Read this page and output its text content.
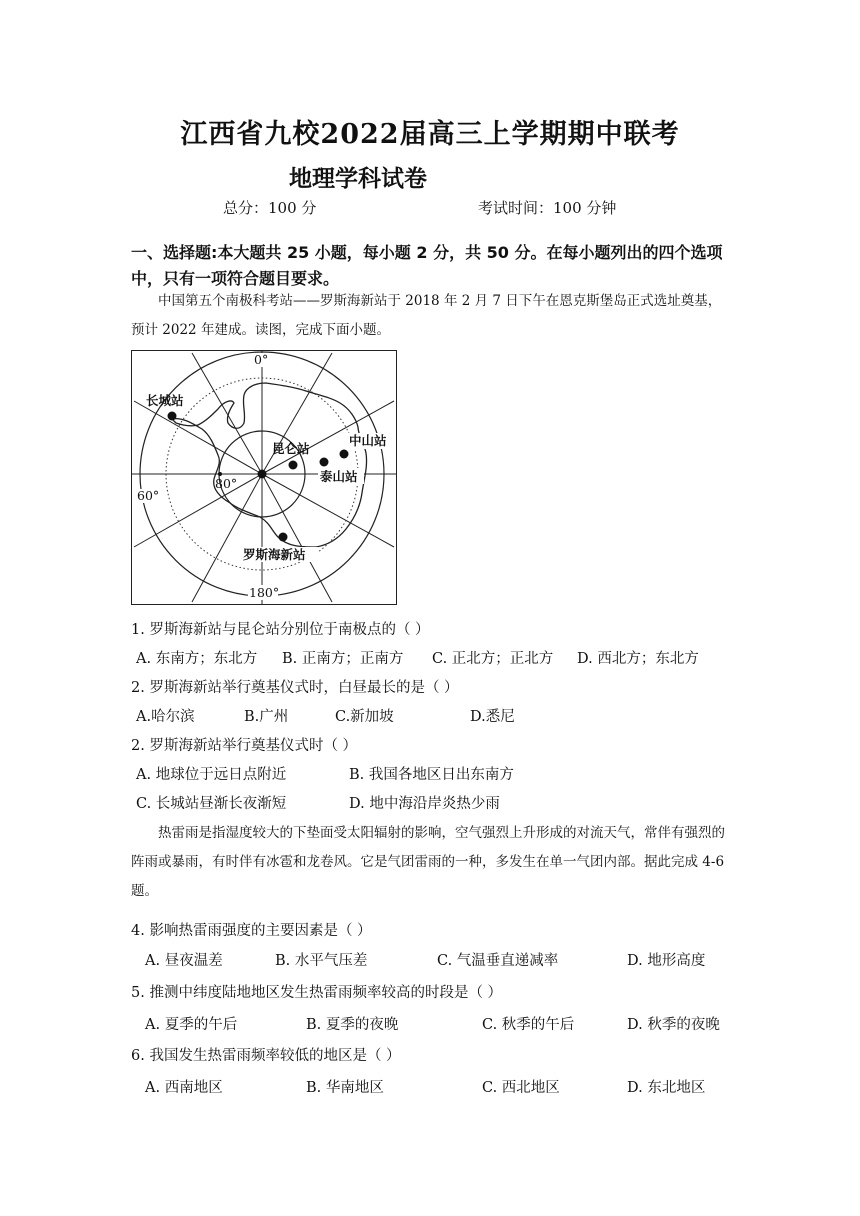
江西省九校2022届高三上学期期中联考
地理学科试卷
总分：100 分	考试时间：100 分钟
一、选择题:本大题共 25 小题，每小题 2 分，共 50 分。在每小题列出的四个选项中，只有一项符合题目要求。
中国第五个南极科考站——罗斯海新站于 2018 年 2 月 7 日下午在恩克斯堡岛正式选址奠基，预计 2022 年建成。读图，完成下面小题。
0°
180°
60°
80°
长城站
昆仑站
中山站
泰山站
罗斯海新站
1. 罗斯海新站与昆仑站分别位于南极点的（ ）
A. 东南方；东北方 B. 正南方；正南方 C. 正北方；正北方 D. 西北方；东北方
2. 罗斯海新站举行奠基仪式时，白昼最长的是（ ）
A.哈尔滨	B.广州	C.新加坡	D.悉尼
2. 罗斯海新站举行奠基仪式时（ ）
A. 地球位于远日点附近	B. 我国各地区日出东南方
C. 长城站昼渐长夜渐短	D. 地中海沿岸炎热少雨
热雷雨是指湿度较大的下垫面受太阳辐射的影响，空气强烈上升形成的对流天气，常伴有强烈的阵雨或暴雨，有时伴有冰雹和龙卷风。它是气团雷雨的一种，多发生在单一气团内部。据此完成 4-6 题。
4. 影响热雷雨强度的主要因素是（ ）
A. 昼夜温差	B. 水平气压差	C. 气温垂直递减率	D. 地形高度
5. 推测中纬度陆地地区发生热雷雨频率较高的时段是（ ）
A. 夏季的午后	B. 夏季的夜晚	C. 秋季的午后	D. 秋季的夜晚
6. 我国发生热雷雨频率较低的地区是（ ）
A. 西南地区	B. 华南地区	C. 西北地区	D. 东北地区
